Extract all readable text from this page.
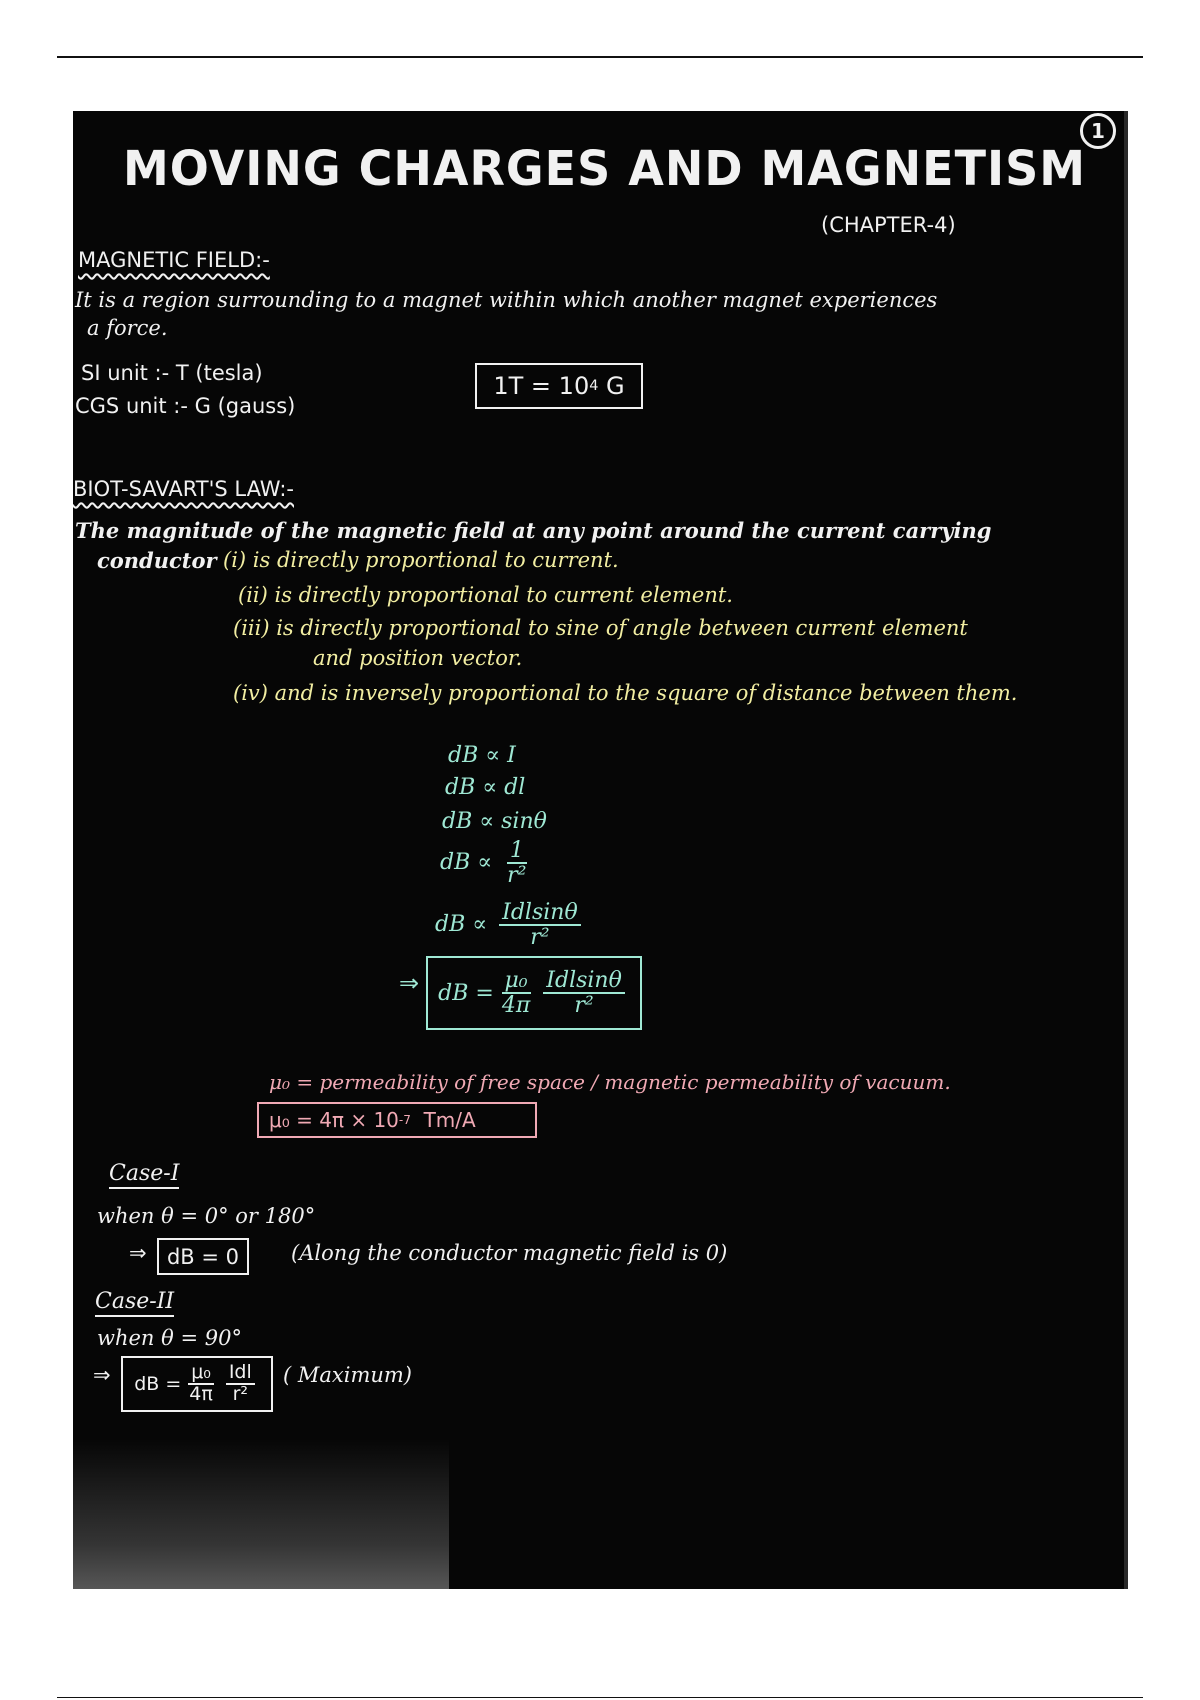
1
MOVING CHARGES AND MAGNETISM
(CHAPTER-4)
MAGNETIC FIELD:-
It is a region surrounding to a magnet within which another magnet experiences
a force.
SI unit :- T (tesla)
CGS unit :- G (gauss)
1T = 10 4
G
BIOT-SAVART'S LAW:-
The magnitude of the magnetic field at any point around the current carrying
conductor (i) is directly proportional to current.
(ii) is directly proportional to current element.
(iii) is directly proportional to sine of angle between current element
and position vector.
(iv) and is inversely proportional to the square of distance between them.
dB ∝ I
dB ∝ dl
dB ∝ sinθ
dB ∝ $\frac{1}{\text{r²}}$
dB ∝ $\frac{\text{Idlsinθ}}{\text{r²}}$
⇒ dB = $\frac{\text{μ₀}}{4\pi} \frac{\text{Idlsinθ}}{\text{r²}}$
μ₀ = permeability of free space / magnetic permeability of vacuum.
μ₀ = 4π × 10 -7
Tm/A
Case-I
when θ = 0° or 180°
⇒ dB = 0 (Along the conductor magnetic field is 0)
Case-II
when θ = 90°
⇒ dB = $\frac{\text{μ₀}}{4\pi} \frac{\text{Idl}}{\text{r²}}$ ( Maximum)
